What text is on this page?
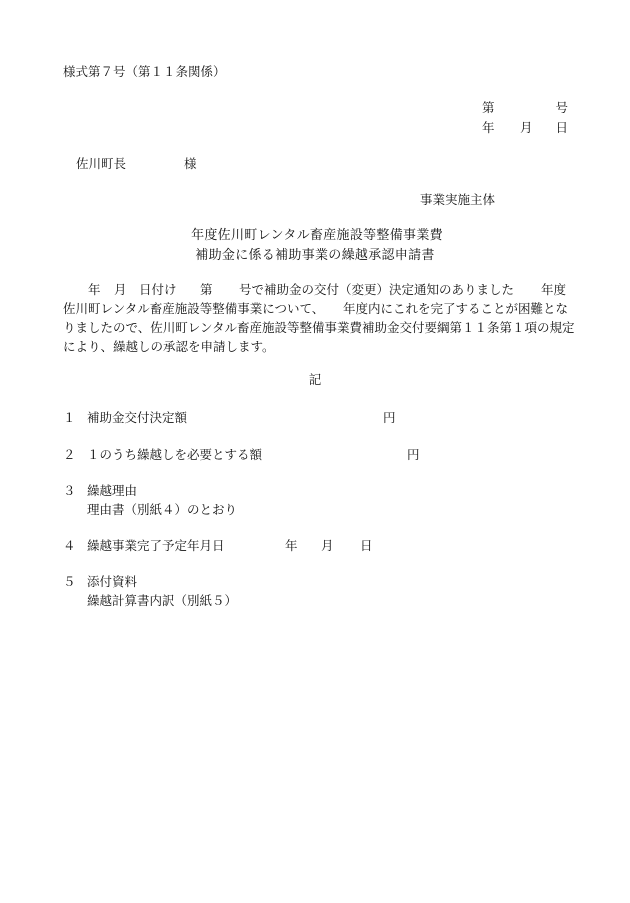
様式第７号（第１１条関係）
第	号
年 月 日
佐川町長	様
事業実施主体
年度佐川町レンタル畜産施設等整備事業費
補助金に係る補助事業の繰越承認申請書
年 月 日付け 第 号で補助金の交付（変更）決定通知のありました 年度
佐川町レンタル畜産施設等整備事業について、 年度内にこれを完了することが困難とな
りましたので、佐川町レンタル畜産施設等整備事業費補助金交付要綱第１１条第１項の規定
により、繰越しの承認を申請します。
記
１ 補助金交付決定額	円
２ １のうち繰越しを必要とする額	円
３ 繰越理由
理由書（別紙４）のとおり
４ 繰越事業完了予定年月日	年 月 日
５ 添付資料
繰越計算書内訳（別紙５）
